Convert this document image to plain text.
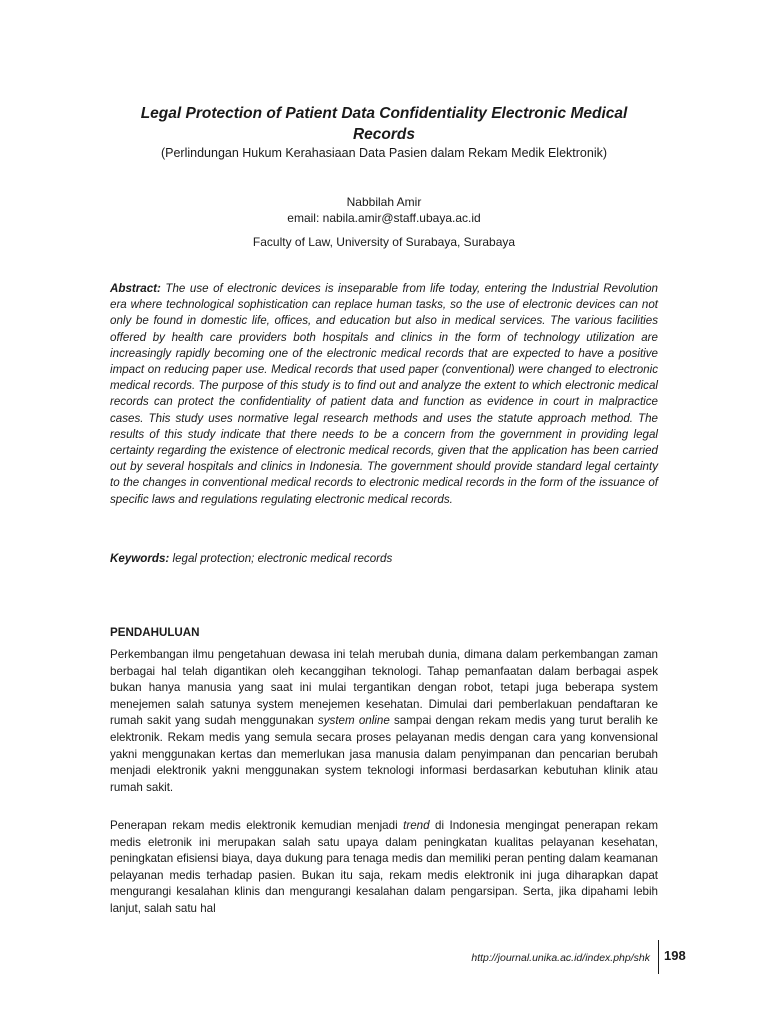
Legal Protection of Patient Data Confidentiality Electronic Medical Records

(Perlindungan Hukum Kerahasiaan Data Pasien dalam Rekam Medik Elektronik)

Nabbilah Amir
email: nabila.amir@staff.ubaya.ac.id

Faculty of Law, University of Surabaya, Surabaya

Abstract: The use of electronic devices is inseparable from life today, entering the Industrial Revolution era where technological sophistication can replace human tasks, so the use of electronic devices can not only be found in domestic life, offices, and education but also in medical services. The various facilities offered by health care providers both hospitals and clinics in the form of technology utilization are increasingly rapidly becoming one of the electronic medical records that are expected to have a positive impact on reducing paper use. Medical records that used paper (conventional) were changed to electronic medical records. The purpose of this study is to find out and analyze the extent to which electronic medical records can protect the confidentiality of patient data and function as evidence in court in malpractice cases. This study uses normative legal research methods and uses the statute approach method. The results of this study indicate that there needs to be a concern from the government in providing legal certainty regarding the existence of electronic medical records, given that the application has been carried out by several hospitals and clinics in Indonesia. The government should provide standard legal certainty to the changes in conventional medical records to electronic medical records in the form of the issuance of specific laws and regulations regulating electronic medical records.

Keywords: legal protection; electronic medical records

PENDAHULUAN

Perkembangan ilmu pengetahuan dewasa ini telah merubah dunia, dimana dalam perkembangan zaman berbagai hal telah digantikan oleh kecanggihan teknologi. Tahap pemanfaatan dalam berbagai aspek bukan hanya manusia yang saat ini mulai tergantikan dengan robot, tetapi juga beberapa system menejemen salah satunya system menejemen kesehatan. Dimulai dari pemberlakuan pendaftaran ke rumah sakit yang sudah menggunakan system online sampai dengan rekam medis yang turut beralih ke elektronik. Rekam medis yang semula secara proses pelayanan medis dengan cara yang konvensional yakni menggunakan kertas dan memerlukan jasa manusia dalam penyimpanan dan pencarian berubah menjadi elektronik yakni menggunakan system teknologi informasi berdasarkan kebutuhan klinik atau rumah sakit.

Penerapan rekam medis elektronik kemudian menjadi trend di Indonesia mengingat penerapan rekam medis eletronik ini merupakan salah satu upaya dalam peningkatan kualitas pelayanan kesehatan, peningkatan efisiensi biaya, daya dukung para tenaga medis dan memiliki peran penting dalam keamanan pelayanan medis terhadap pasien. Bukan itu saja, rekam medis elektronik ini juga diharapkan dapat mengurangi kesalahan klinis dan mengurangi kesalahan dalam pengarsipan. Serta, jika dipahami lebih lanjut, salah satu hal

http://journal.unika.ac.id/index.php/shk 198
